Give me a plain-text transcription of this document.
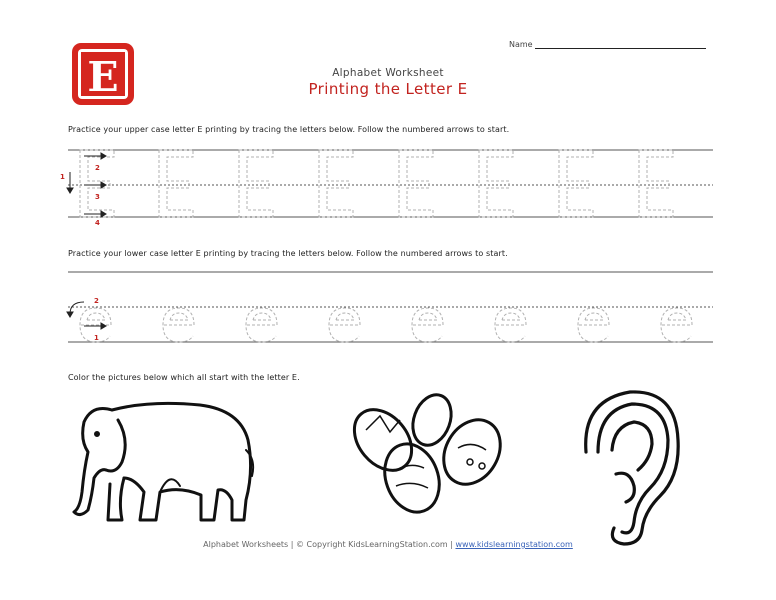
E
1
2
3
4
2
1
Name
Alphabet Worksheet
Printing the Letter E
Practice your upper case letter E printing by tracing the letters below. Follow the numbered arrows to start.
Practice your lower case letter E printing by tracing the letters below. Follow the numbered arrows to start.
Color the pictures below which all start with the letter E.
Alphabet Worksheets | © Copyright KidsLearningStation.com | www.kidslearningstation.com
